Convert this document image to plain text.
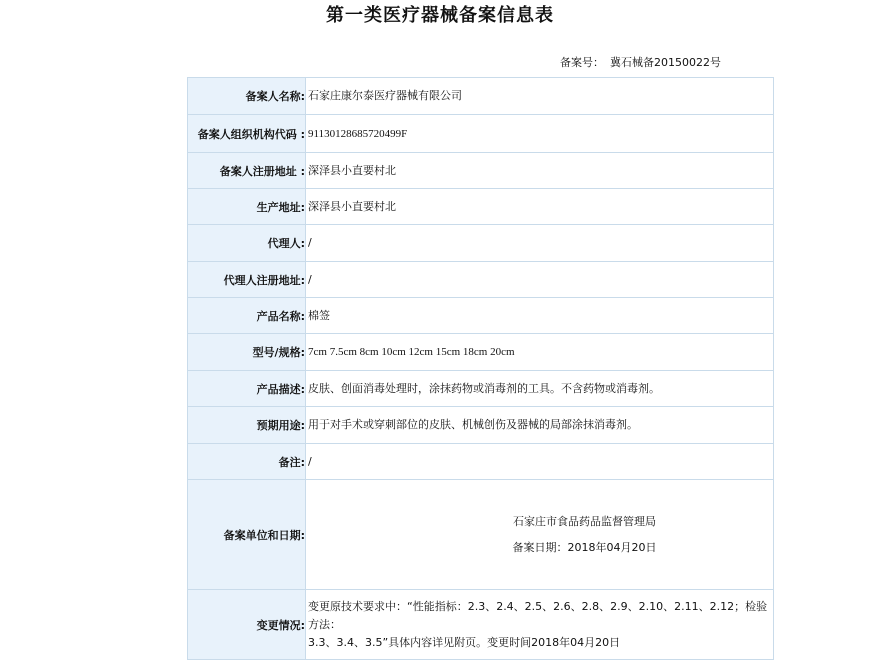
第一类医疗器械备案信息表
备案号： 冀石械备20150022号
备案人名称:	石家庄康尔泰医疗器械有限公司
备案人组织机构代码 :	91130128685720499F
备案人注册地址 :	深泽县小直要村北
生产地址:	深泽县小直要村北
代理人:	/
代理人注册地址:	/
产品名称:	棉签
型号/规格:	7cm 7.5cm 8cm 10cm 12cm 15cm 18cm 20cm
产品描述:	皮肤、创面消毒处理时，涂抹药物或消毒剂的工具。不含药物或消毒剂。
预期用途:	用于对手术或穿刺部位的皮肤、机械创伤及器械的局部涂抹消毒剂。
备注:	/
备案单位和日期:	石家庄市食品药品监督管理局
备案日期：2018年04月20日

变更情况:	变更原技术要求中：“性能指标：2.3、2.4、2.5、2.6、2.8、2.9、2.10、2.11、2.12；检验方法：
3.3、3.4、3.5”具体内容详见附页。变更时间2018年04月20日
